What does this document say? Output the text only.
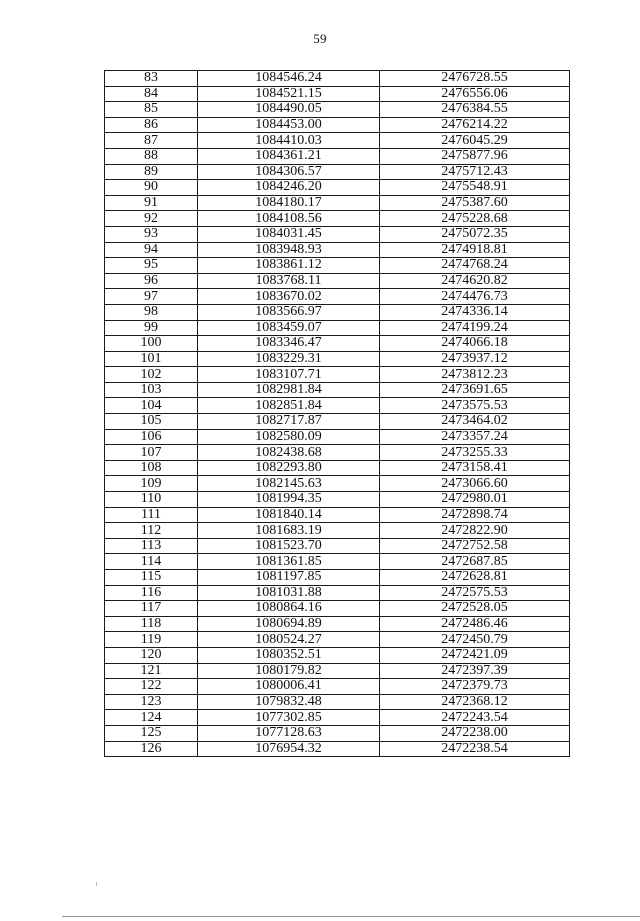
59
83	1084546.24	2476728.55
84	1084521.15	2476556.06
85	1084490.05	2476384.55
86	1084453.00	2476214.22
87	1084410.03	2476045.29
88	1084361.21	2475877.96
89	1084306.57	2475712.43
90	1084246.20	2475548.91
91	1084180.17	2475387.60
92	1084108.56	2475228.68
93	1084031.45	2475072.35
94	1083948.93	2474918.81
95	1083861.12	2474768.24
96	1083768.11	2474620.82
97	1083670.02	2474476.73
98	1083566.97	2474336.14
99	1083459.07	2474199.24
100	1083346.47	2474066.18
101	1083229.31	2473937.12
102	1083107.71	2473812.23
103	1082981.84	2473691.65
104	1082851.84	2473575.53
105	1082717.87	2473464.02
106	1082580.09	2473357.24
107	1082438.68	2473255.33
108	1082293.80	2473158.41
109	1082145.63	2473066.60
110	1081994.35	2472980.01
111	1081840.14	2472898.74
112	1081683.19	2472822.90
113	1081523.70	2472752.58
114	1081361.85	2472687.85
115	1081197.85	2472628.81
116	1081031.88	2472575.53
117	1080864.16	2472528.05
118	1080694.89	2472486.46
119	1080524.27	2472450.79
120	1080352.51	2472421.09
121	1080179.82	2472397.39
122	1080006.41	2472379.73
123	1079832.48	2472368.12
124	1077302.85	2472243.54
125	1077128.63	2472238.00
126	1076954.32	2472238.54
